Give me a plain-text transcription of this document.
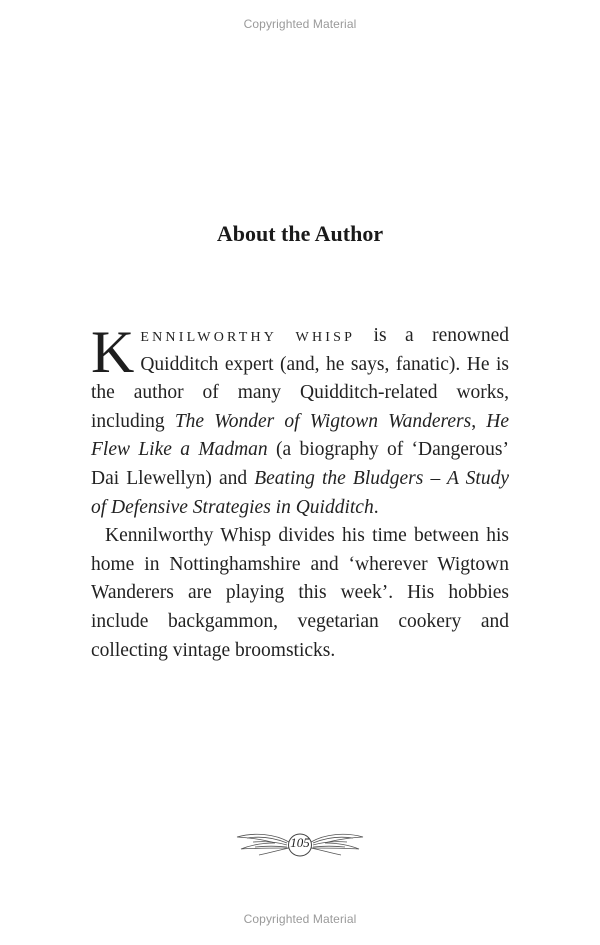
Copyrighted Material
About the Author

Kennilworthy whisp is a renowned Quidditch expert (and, he says, fanatic). He is the author of many Quidditch-related works, including The Wonder of Wigtown Wanderers, He Flew Like a Madman (a biography of ‘Dangerous’ Dai Llewellyn) and Beating the Bludgers – A Study of Defensive Strategies in Quidditch.

Kennilworthy Whisp divides his time between his home in Nottinghamshire and ‘wherever Wigtown Wanderers are playing this week’. His hobbies include backgammon, vegetarian cookery and collecting vintage broomsticks.

105
Copyrighted Material
